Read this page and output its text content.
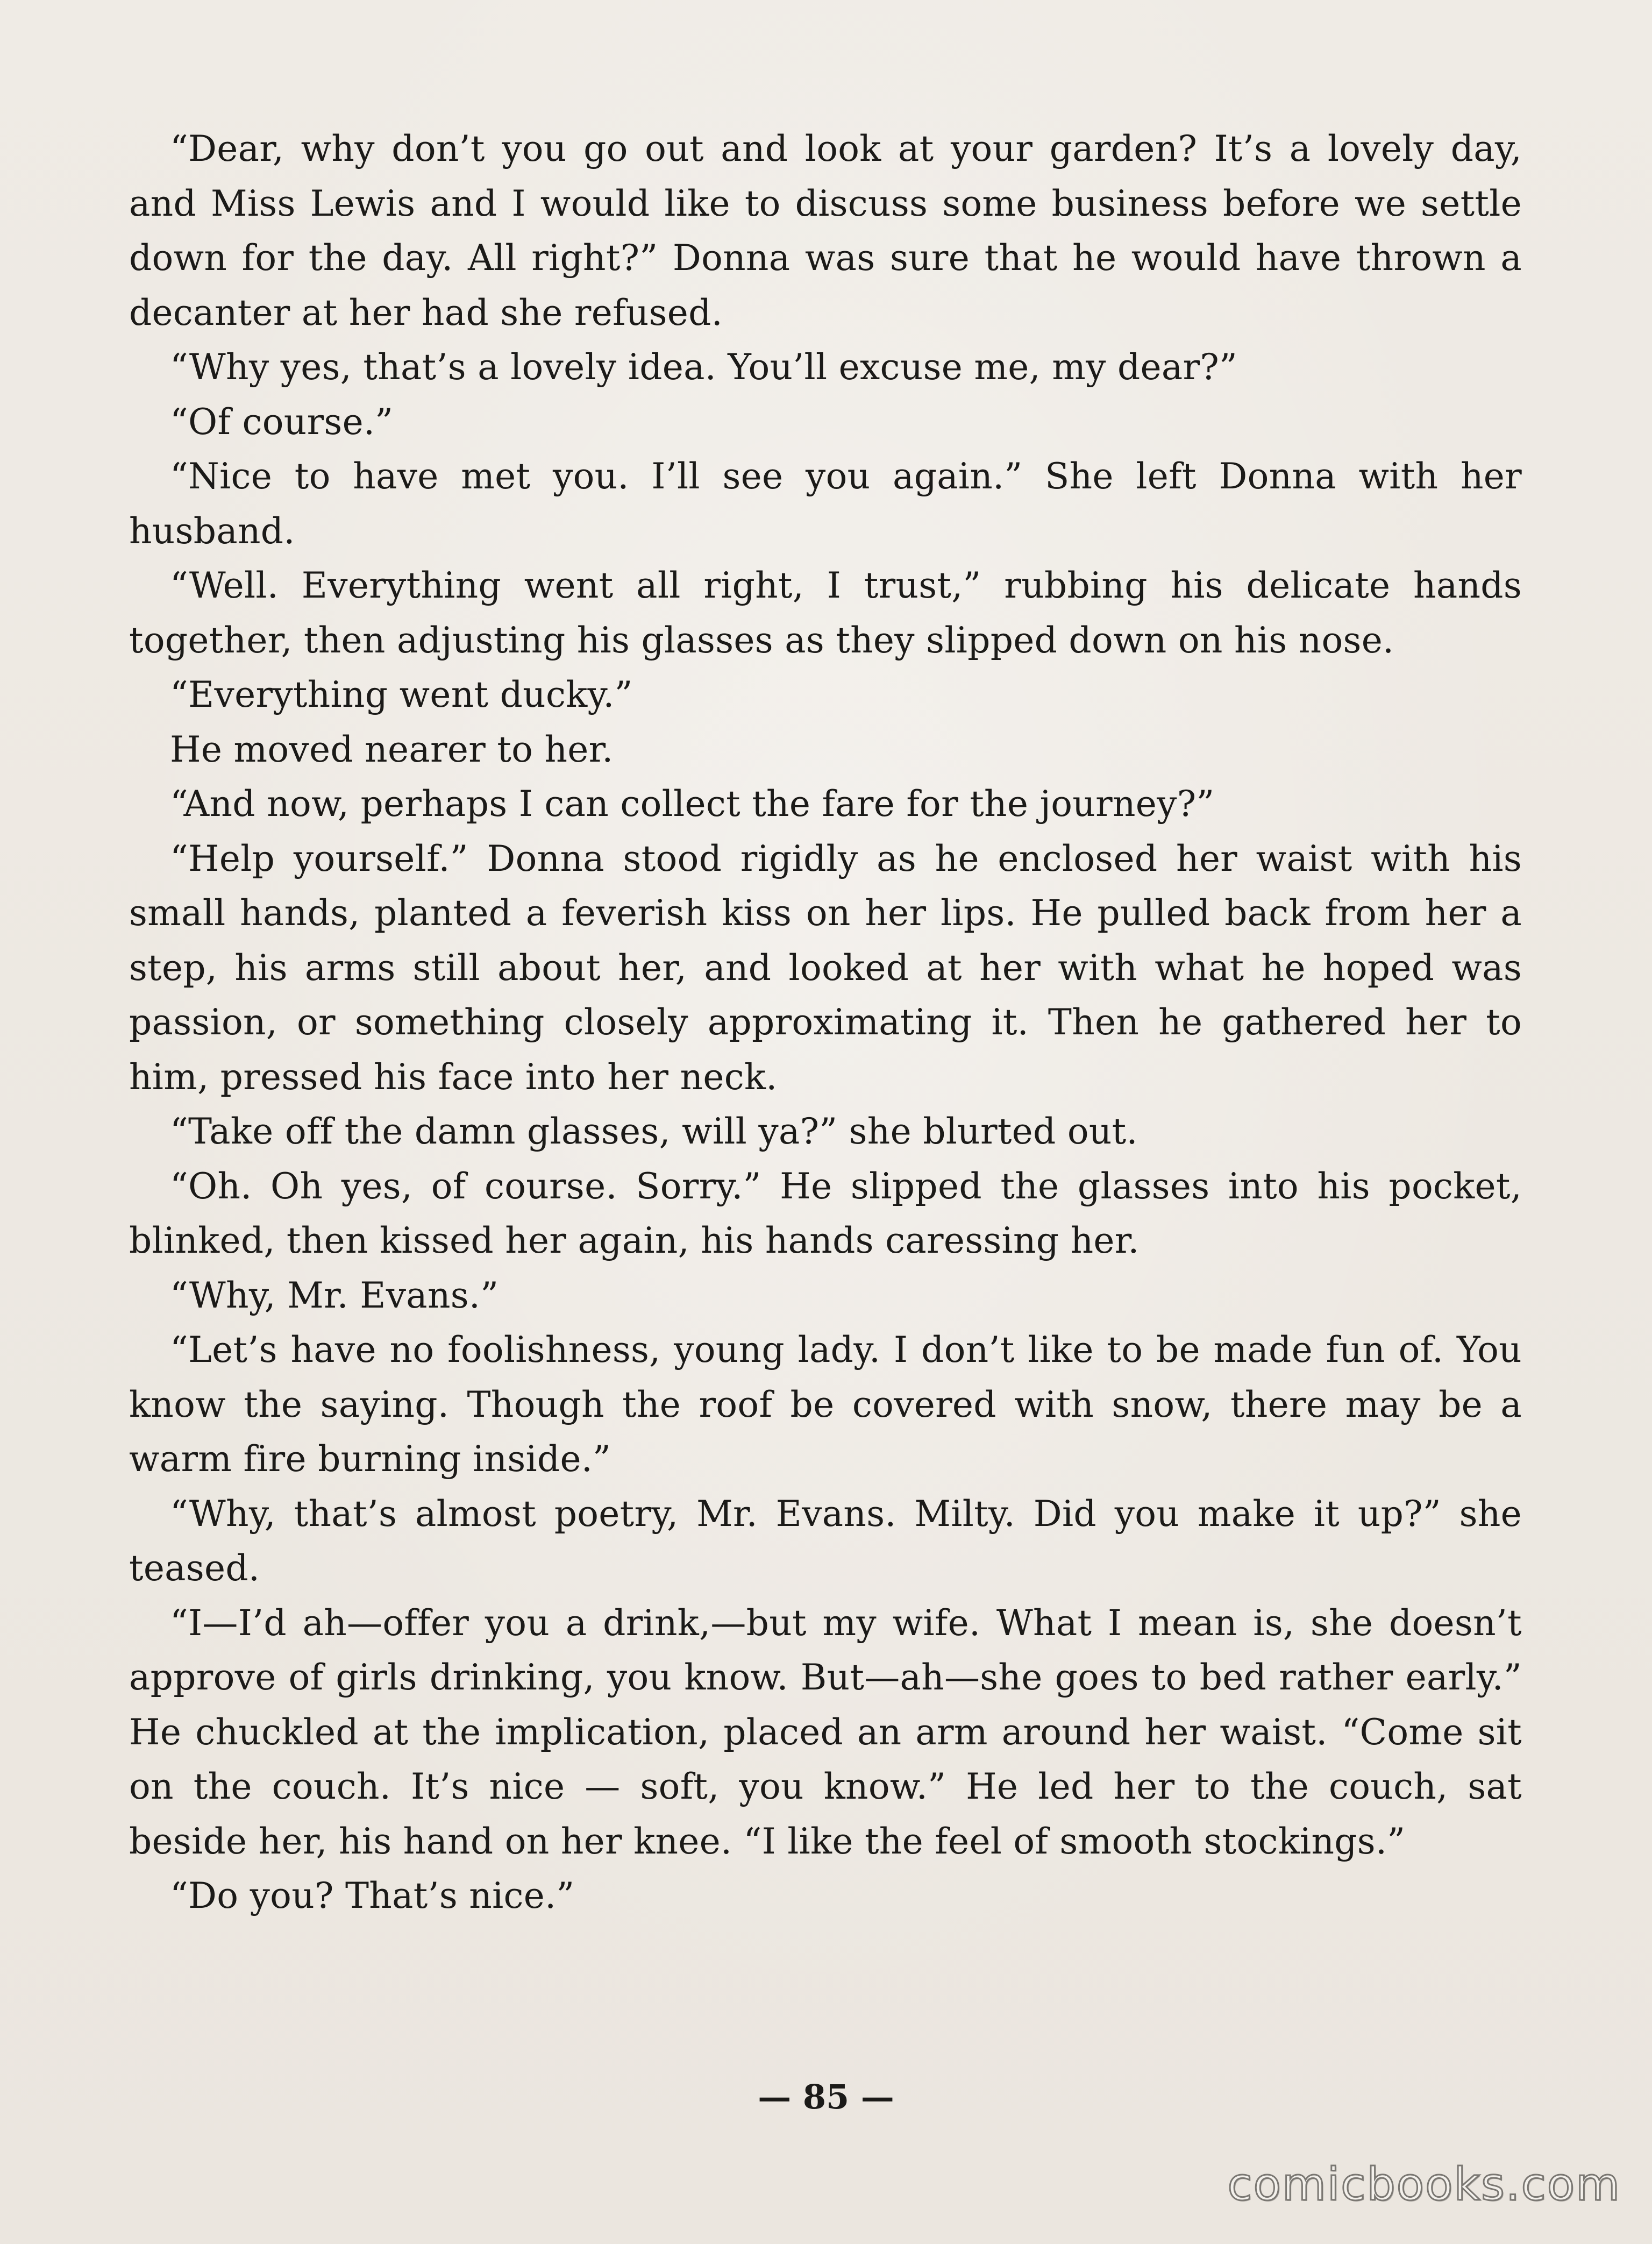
“Dear, why don’t you go out and look at your garden? It’s a lovely day, and Miss Lewis and I would like to discuss some business before we settle down for the day. All right?” Donna was sure that he would have thrown a decanter at her had she refused.

“Why yes, that’s a lovely idea. You’ll excuse me, my dear?”

“Of course.”

“Nice to have met you. I’ll see you again.” She left Donna with her husband.

“Well. Everything went all right, I trust,” rubbing his delicate hands together, then adjusting his glasses as they slipped down on his nose.

“Everything went ducky.”

He moved nearer to her.

“And now, perhaps I can collect the fare for the journey?”

“Help yourself.” Donna stood rigidly as he enclosed her waist with his small hands, planted a feverish kiss on her lips. He pulled back from her a step, his arms still about her, and looked at her with what he hoped was passion, or something closely approximating it. Then he gathered her to him, pressed his face into her neck.

“Take off the damn glasses, will ya?” she blurted out.

“Oh. Oh yes, of course. Sorry.” He slipped the glasses into his pocket, blinked, then kissed her again, his hands caressing her.

“Why, Mr. Evans.”

“Let’s have no foolishness, young lady. I don’t like to be made fun of. You know the saying. Though the roof be covered with snow, there may be a warm fire burning inside.”

“Why, that’s almost poetry, Mr. Evans. Milty. Did you make it up?” she teased.

“I—I’d ah—offer you a drink,—but my wife. What I mean is, she doesn’t approve of girls drinking, you know. But—ah—she goes to bed rather early.” He chuckled at the implication, placed an arm around her waist. “Come sit on the couch. It’s nice — soft, you know.” He led her to the couch, sat beside her, his hand on her knee. “I like the feel of smooth stockings.”

“Do you? That’s nice.”

— 85 —
comicbooks.com
